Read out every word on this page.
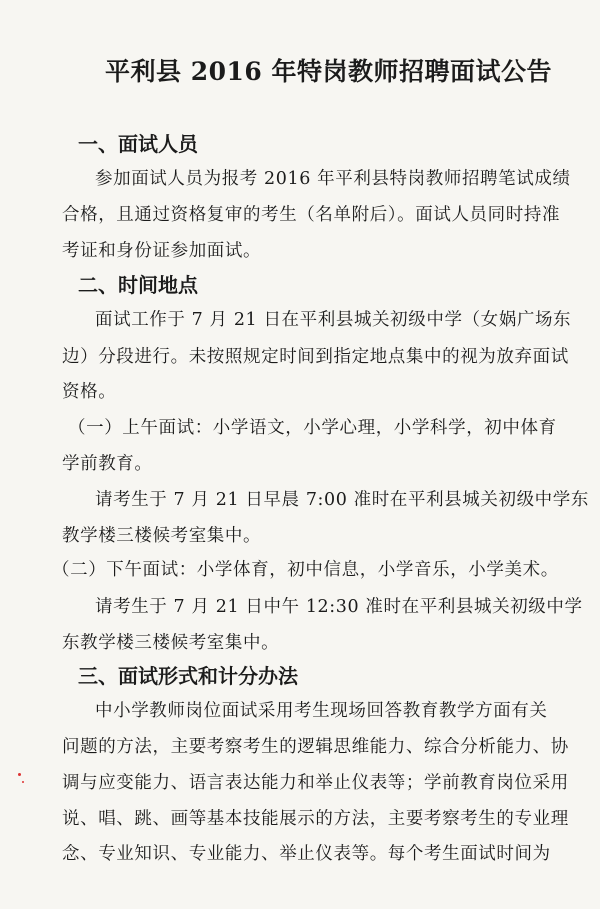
平利县 2016 年特岗教师招聘面试公告
一、面试人员
参加面试人员为报考 2016 年平利县特岗教师招聘笔试成绩
合格，且通过资格复审的考生（名单附后）。面试人员同时持准
考证和身份证参加面试。
二、时间地点
面试工作于 7 月 21 日在平利县城关初级中学（女娲广场东
边）分段进行。未按照规定时间到指定地点集中的视为放弃面试
资格。
（一）上午面试：小学语文，小学心理，小学科学，初中体育
学前教育。
请考生于 7 月 21 日早晨 7:00 准时在平利县城关初级中学东
教学楼三楼候考室集中。
（二）下午面试：小学体育，初中信息，小学音乐，小学美术。
请考生于 7 月 21 日中午 12:30 准时在平利县城关初级中学
东教学楼三楼候考室集中。
三、面试形式和计分办法
中小学教师岗位面试采用考生现场回答教育教学方面有关
问题的方法，主要考察考生的逻辑思维能力、综合分析能力、协
调与应变能力、语言表达能力和举止仪表等；学前教育岗位采用
说、唱、跳、画等基本技能展示的方法，主要考察考生的专业理
念、专业知识、专业能力、举止仪表等。每个考生面试时间为
